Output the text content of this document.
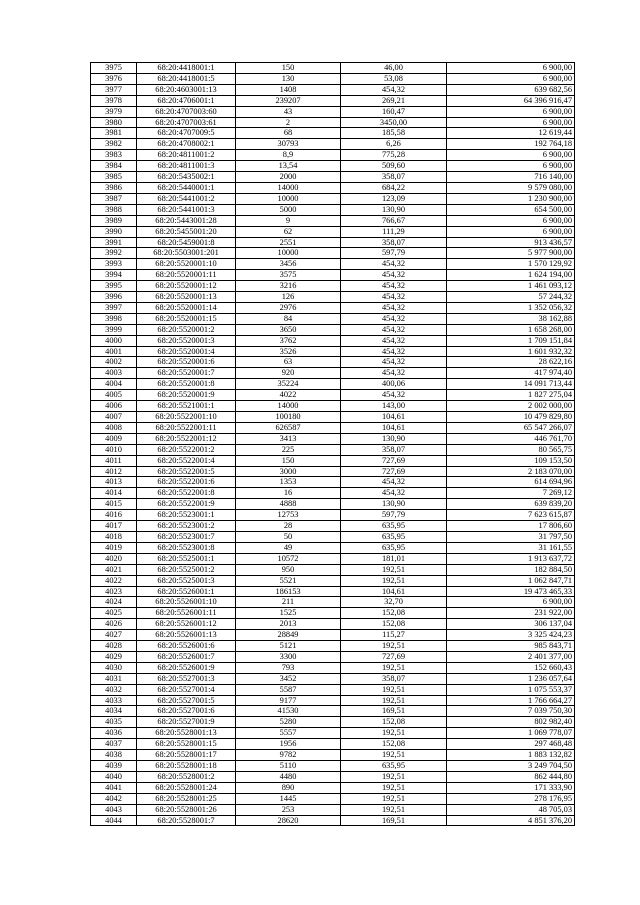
3975	68:20:4418001:1	150	46,00	6 900,00
3976	68:20:4418001:5	130	53,08	6 900,00
3977	68:20:4603001:13	1408	454,32	639 682,56
3978	68:20:4706001:1	239207	269,21	64 396 916,47
3979	68:20:4707003:60	43	160,47	6 900,00
3980	68:20:4707003:61	2	3450,00	6 900,00
3981	68:20:4707009:5	68	185,58	12 619,44
3982	68:20:4708002:1	30793	6,26	192 764,18
3983	68:20:4811001:2	8,9	775,28	6 900,00
3984	68:20:4811001:3	13,54	509,60	6 900,00
3985	68:20:5435002:1	2000	358,07	716 140,00
3986	68:20:5440001:1	14000	684,22	9 579 080,00
3987	68:20:5441001:2	10000	123,09	1 230 900,00
3988	68:20:5441001:3	5000	130,90	654 500,00
3989	68:20:5443001:28	9	766,67	6 900,00
3990	68:20:5455001:20	62	111,29	6 900,00
3991	68:20:5459001:8	2551	358,07	913 436,57
3992	68:20:5503001:201	10000	597,79	5 977 900,00
3993	68:20:5520001:10	3456	454,32	1 570 129,92
3994	68:20:5520001:11	3575	454,32	1 624 194,00
3995	68:20:5520001:12	3216	454,32	1 461 093,12
3996	68:20:5520001:13	126	454,32	57 244,32
3997	68:20:5520001:14	2976	454,32	1 352 056,32
3998	68:20:5520001:15	84	454,32	38 162,88
3999	68:20:5520001:2	3650	454,32	1 658 268,00
4000	68:20:5520001:3	3762	454,32	1 709 151,84
4001	68:20:5520001:4	3526	454,32	1 601 932,32
4002	68:20:5520001:6	63	454,32	28 622,16
4003	68:20:5520001:7	920	454,32	417 974,40
4004	68:20:5520001:8	35224	400,06	14 091 713,44
4005	68:20:5520001:9	4022	454,32	1 827 275,04
4006	68:20:5521001:1	14000	143,00	2 002 000,00
4007	68:20:5522001:10	100180	104,61	10 479 829,80
4008	68:20:5522001:11	626587	104,61	65 547 266,07
4009	68:20:5522001:12	3413	130,90	446 761,70
4010	68:20:5522001:2	225	358,07	80 565,75
4011	68:20:5522001:4	150	727,69	109 153,50
4012	68:20:5522001:5	3000	727,69	2 183 070,00
4013	68:20:5522001:6	1353	454,32	614 694,96
4014	68:20:5522001:8	16	454,32	7 269,12
4015	68:20:5522001:9	4888	130,90	639 839,20
4016	68:20:5523001:1	12753	597,79	7 623 615,87
4017	68:20:5523001:2	28	635,95	17 806,60
4018	68:20:5523001:7	50	635,95	31 797,50
4019	68:20:5523001:8	49	635,95	31 161,55
4020	68:20:5525001:1	10572	181,01	1 913 637,72
4021	68:20:5525001:2	950	192,51	182 884,50
4022	68:20:5525001:3	5521	192,51	1 062 847,71
4023	68:20:5526001:1	186153	104,61	19 473 465,33
4024	68:20:5526001:10	211	32,70	6 900,00
4025	68:20:5526001:11	1525	152,08	231 922,00
4026	68:20:5526001:12	2013	152,08	306 137,04
4027	68:20:5526001:13	28849	115,27	3 325 424,23
4028	68:20:5526001:6	5121	192,51	985 843,71
4029	68:20:5526001:7	3300	727,69	2 401 377,00
4030	68:20:5526001:9	793	192,51	152 660,43
4031	68:20:5527001:3	3452	358,07	1 236 057,64
4032	68:20:5527001:4	5587	192,51	1 075 553,37
4033	68:20:5527001:5	9177	192,51	1 766 664,27
4034	68:20:5527001:6	41530	169,51	7 039 750,30
4035	68:20:5527001:9	5280	152,08	802 982,40
4036	68:20:5528001:13	5557	192,51	1 069 778,07
4037	68:20:5528001:15	1956	152,08	297 468,48
4038	68:20:5528001:17	9782	192,51	1 883 132,82
4039	68:20:5528001:18	5110	635,95	3 249 704,50
4040	68:20:5528001:2	4480	192,51	862 444,80
4041	68:20:5528001:24	890	192,51	171 333,90
4042	68:20:5528001:25	1445	192,51	278 176,95
4043	68:20:5528001:26	253	192,51	48 705,03
4044	68:20:5528001:7	28620	169,51	4 851 376,20
